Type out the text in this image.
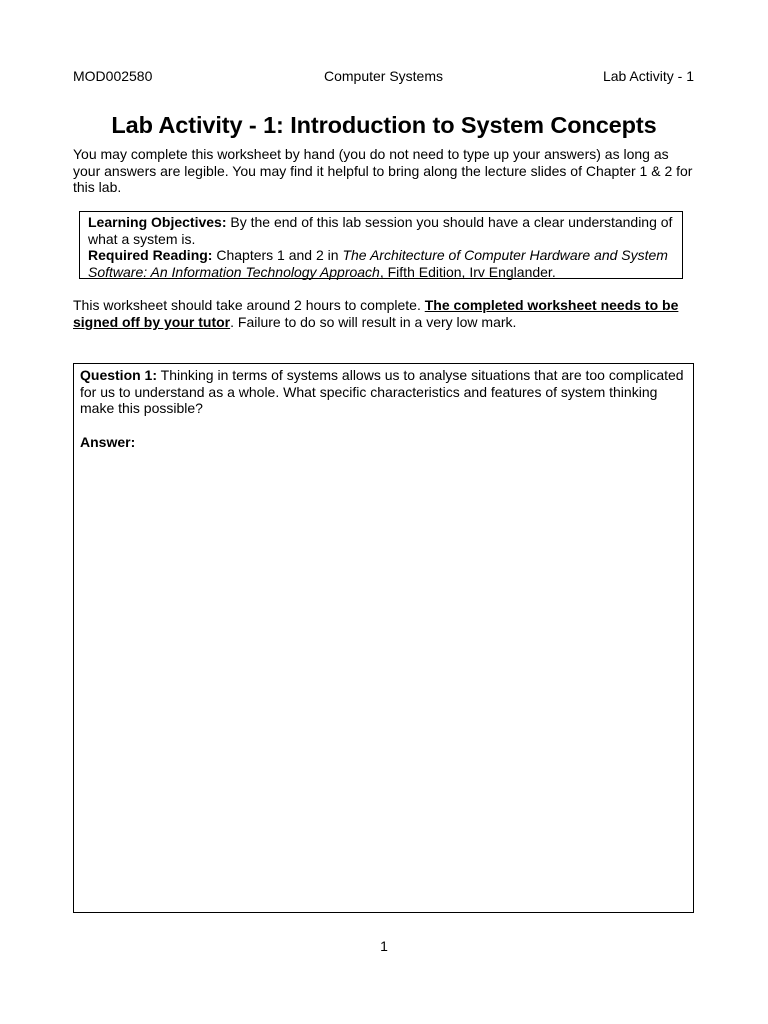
MOD002580	Computer Systems	Lab Activity - 1
Lab Activity - 1: Introduction to System Concepts
You may complete this worksheet by hand (you do not need to type up your answers) as long as your answers are legible. You may find it helpful to bring along the lecture slides of Chapter 1 & 2 for this lab.
Learning Objectives: By the end of this lab session you should have a clear understanding of what a system is.
Required Reading: Chapters 1 and 2 in The Architecture of Computer Hardware and System Software: An Information Technology Approach, Fifth Edition, Irv Englander.
This worksheet should take around 2 hours to complete. The completed worksheet needs to be signed off by your tutor. Failure to do so will result in a very low mark.
Question 1: Thinking in terms of systems allows us to analyse situations that are too complicated for us to understand as a whole. What specific characteristics and features of system thinking make this possible?
Answer:
1
